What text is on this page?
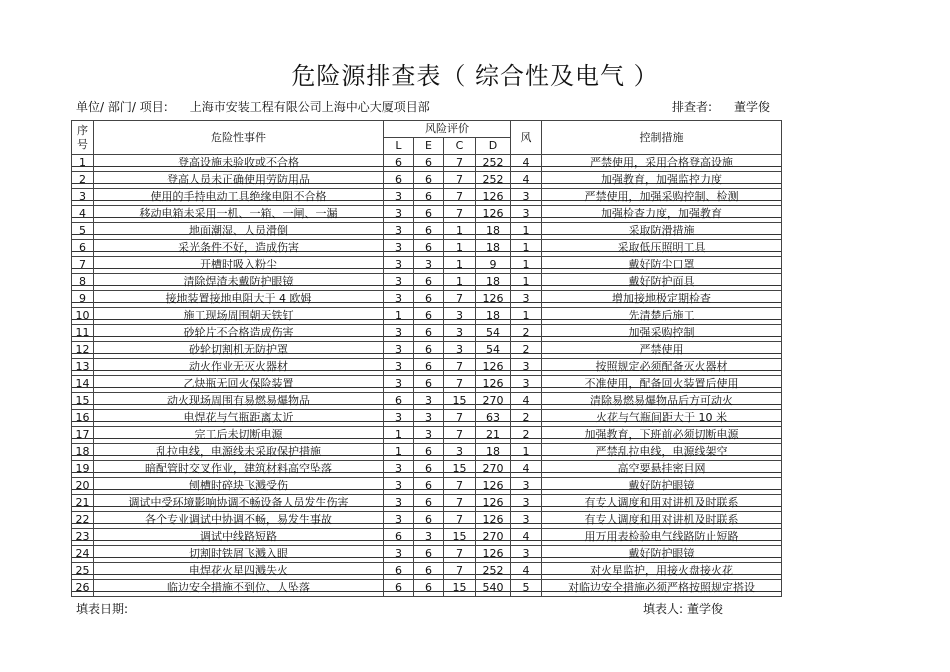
危险源排查表（ 综合性及电气 ）
单位/ 部门/ 项目: 上海市安装工程有限公司上海中心大厦项目部	排查者: 董学俊
序号	危险性事件	风险评价				风	控制措施
		L	E	C	D		
1	登高设施未验收或不合格	6	6	7	252	4	严禁使用，采用合格登高设施
2	登高人员未正确使用劳防用品	6	6	7	252	4	加强教育，加强监控力度
3	使用的手持电动工具绝缘电阻不合格	3	6	7	126	3	严禁使用，加强采购控制、检测
4	移动电箱未采用一机、一箱、一闸、一漏	3	6	7	126	3	加强检查力度，加强教育
5	地面潮湿、人员滑倒	3	6	1	18	1	采取防滑措施
6	采光条件不好，造成伤害	3	6	1	18	1	采取低压照明工具
7	开槽时吸入粉尘	3	3	1	9	1	戴好防尘口罩
8	清除焊渣未戴防护眼镜	3	6	1	18	1	戴好防护面具
9	接地装置接地电阻大于 4 欧姆	3	6	7	126	3	增加接地极定期检查
10	施工现场周围朝天铁钉	1	6	3	18	1	先清楚后施工
11	砂轮片不合格造成伤害	3	6	3	54	2	加强采购控制
12	砂轮切割机无防护罩	3	6	3	54	2	严禁使用
13	动火作业无灭火器材	3	6	7	126	3	按照规定必须配备灭火器材
14	乙炔瓶无回火保险装置	3	6	7	126	3	不准使用，配备回火装置后使用
15	动火现场周围有易燃易爆物品	6	3	15	270	4	清除易燃易爆物品后方可动火
16	电焊花与气瓶距离太近	3	3	7	63	2	火花与气瓶间距大于 10 米
17	完工后未切断电源	1	3	7	21	2	加强教育，下班前必须切断电源
18	乱拉电线，电源线未采取保护措施	1	6	3	18	1	严禁乱拉电线，电源线架空
19	暗配管时交叉作业，建筑材料高空坠落	3	6	15	270	4	高空要悬挂密目网
20	刨槽时碎块飞溅受伤	3	6	7	126	3	戴好防护眼镜
21	调试中受环境影响协调不畅设备人员发生伤害	3	6	7	126	3	有专人调度和用对讲机及时联系
22	各个专业调试中协调不畅，易发生事故	3	6	7	126	3	有专人调度和用对讲机及时联系
23	调试中线路短路	6	3	15	270	4	用万用表检验电气线路防止短路
24	切割时铁屑飞溅入眼	3	6	7	126	3	戴好防护眼镜
25	电焊花火星四溅失火	6	6	7	252	4	对火星监护，用接火盘接火花
26	临边安全措施不到位、人坠落	6	6	15	540	5	对临边安全措施必须严格按照规定搭设
填表日期:	填表人: 董学俊
